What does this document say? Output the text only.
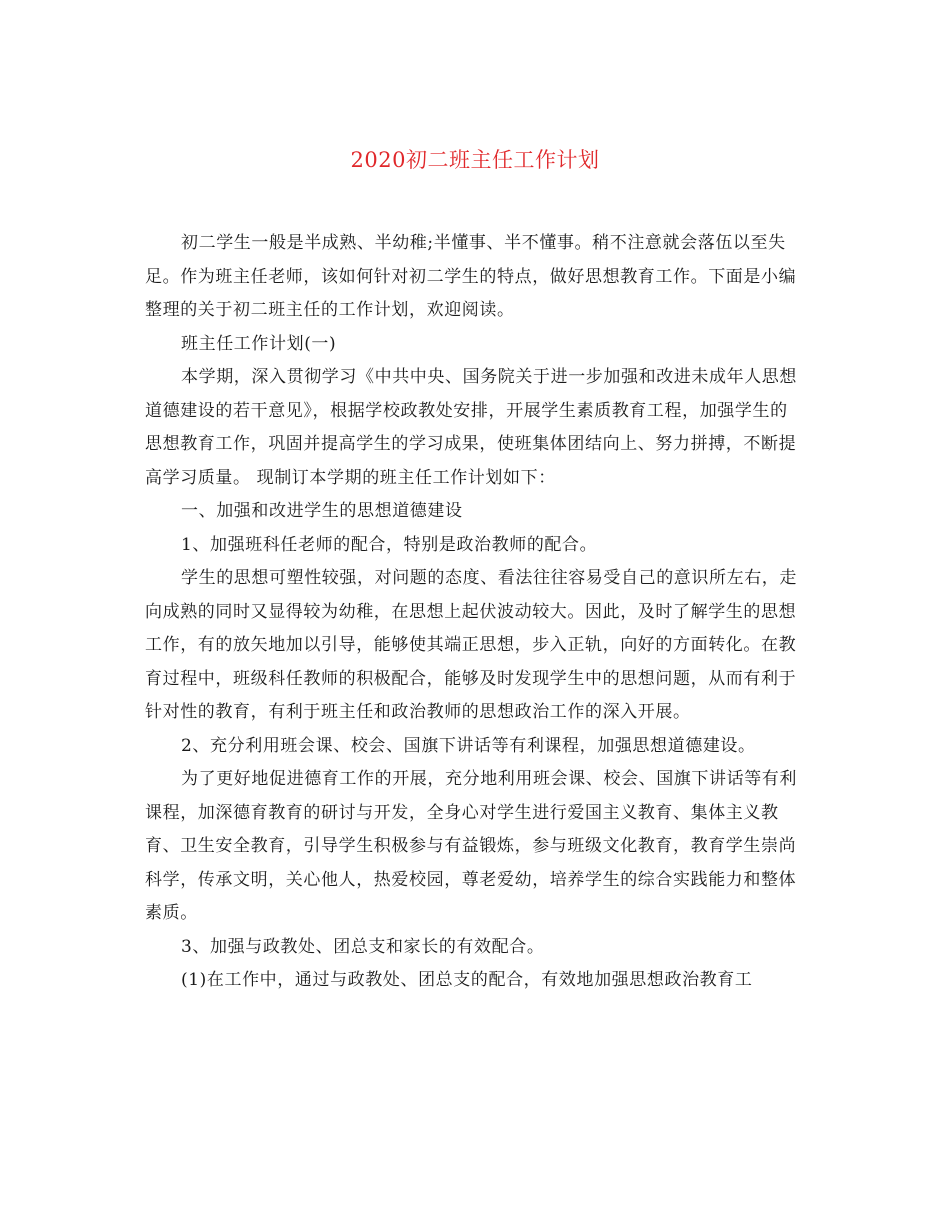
2020初二班主任工作计划

初二学生一般是半成熟、半幼稚;半懂事、半不懂事。稍不注意就会落伍以至失足。作为班主任老师，该如何针对初二学生的特点，做好思想教育工作。下面是小编整理的关于初二班主任的工作计划，欢迎阅读。

班主任工作计划(一)

本学期，深入贯彻学习《中共中央、国务院关于进一步加强和改进未成年人思想道德建设的若干意见》，根据学校政教处安排，开展学生素质教育工程，加强学生的思想教育工作，巩固并提高学生的学习成果，使班集体团结向上、努力拼搏，不断提高学习质量。 现制订本学期的班主任工作计划如下：

一、加强和改进学生的思想道德建设

1、加强班科任老师的配合，特别是政治教师的配合。

学生的思想可塑性较强，对问题的态度、看法往往容易受自己的意识所左右，走向成熟的同时又显得较为幼稚，在思想上起伏波动较大。因此，及时了解学生的思想工作，有的放矢地加以引导，能够使其端正思想，步入正轨，向好的方面转化。在教育过程中，班级科任教师的积极配合，能够及时发现学生中的思想问题，从而有利于针对性的教育，有利于班主任和政治教师的思想政治工作的深入开展。

2、充分利用班会课、校会、国旗下讲话等有利课程，加强思想道德建设。

为了更好地促进德育工作的开展，充分地利用班会课、校会、国旗下讲话等有利课程，加深德育教育的研讨与开发，全身心对学生进行爱国主义教育、集体主义教育、卫生安全教育，引导学生积极参与有益锻炼，参与班级文化教育，教育学生崇尚科学，传承文明，关心他人，热爱校园，尊老爱幼，培养学生的综合实践能力和整体素质。

3、加强与政教处、团总支和家长的有效配合。

(1)在工作中，通过与政教处、团总支的配合，有效地加强思想政治教育工
